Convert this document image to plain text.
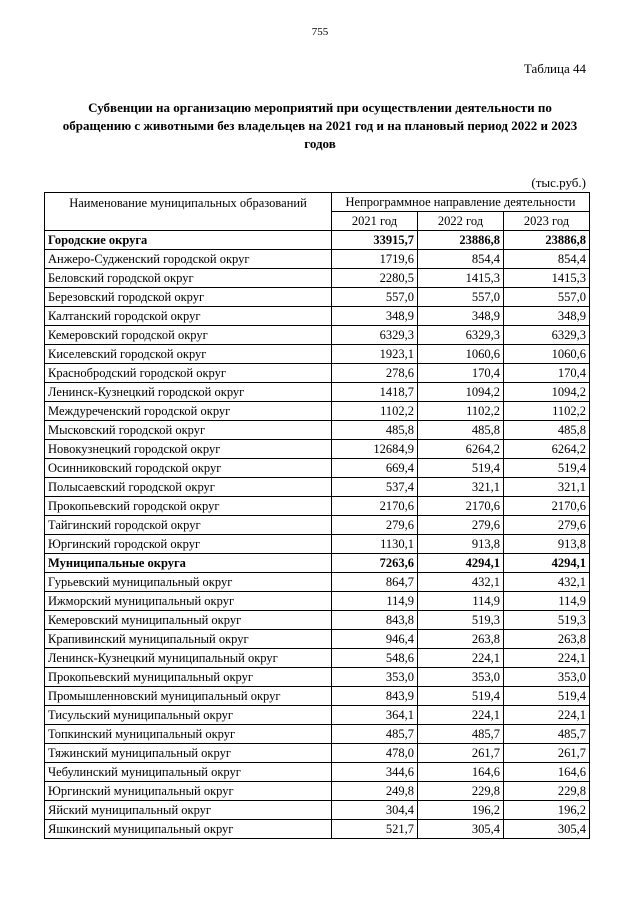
755
Таблица 44
Субвенции на организацию мероприятий при осуществлении деятельности по обращению с животными без владельцев на 2021 год и на плановый период 2022 и 2023 годов
(тыс.руб.)
Наименование муниципальных образований	Непрограммное направление деятельности		
	2021 год	2022 год	2023 год
Городские округа	33915,7	23886,8	23886,8
Анжеро-Судженский городской округ	1719,6	854,4	854,4
Беловский городской округ	2280,5	1415,3	1415,3
Березовский городской округ	557,0	557,0	557,0
Калтанский городской округ	348,9	348,9	348,9
Кемеровский городской округ	6329,3	6329,3	6329,3
Киселевский городской округ	1923,1	1060,6	1060,6
Краснобродский городской округ	278,6	170,4	170,4
Ленинск-Кузнецкий городской округ	1418,7	1094,2	1094,2
Междуреченский городской округ	1102,2	1102,2	1102,2
Мысковский городской округ	485,8	485,8	485,8
Новокузнецкий городской округ	12684,9	6264,2	6264,2
Осинниковский городской округ	669,4	519,4	519,4
Полысаевский городской округ	537,4	321,1	321,1
Прокопьевский городской округ	2170,6	2170,6	2170,6
Тайгинский городской округ	279,6	279,6	279,6
Юргинский городской округ	1130,1	913,8	913,8
Муниципальные округа	7263,6	4294,1	4294,1
Гурьевский муниципальный округ	864,7	432,1	432,1
Ижморский муниципальный округ	114,9	114,9	114,9
Кемеровский муниципальный округ	843,8	519,3	519,3
Крапивинский муниципальный округ	946,4	263,8	263,8
Ленинск-Кузнецкий муниципальный округ	548,6	224,1	224,1
Прокопьевский муниципальный округ	353,0	353,0	353,0
Промышленновский муниципальный округ	843,9	519,4	519,4
Тисульский муниципальный округ	364,1	224,1	224,1
Топкинский муниципальный округ	485,7	485,7	485,7
Тяжинский муниципальный округ	478,0	261,7	261,7
Чебулинский муниципальный округ	344,6	164,6	164,6
Юргинский муниципальный округ	249,8	229,8	229,8
Яйский муниципальный округ	304,4	196,2	196,2
Яшкинский муниципальный округ	521,7	305,4	305,4
